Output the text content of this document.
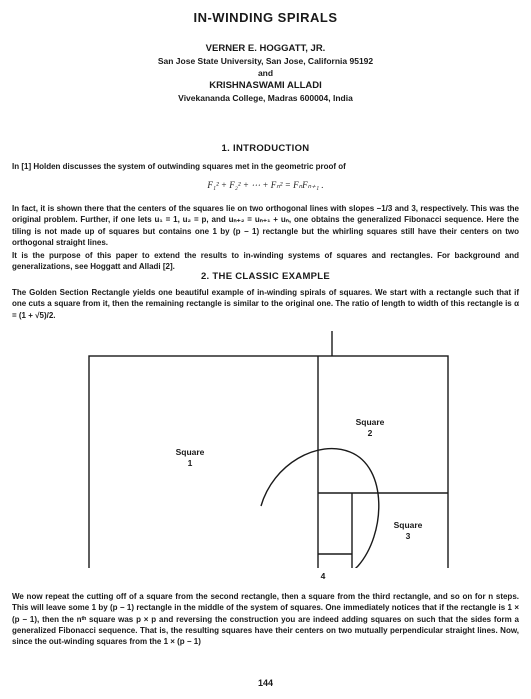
IN-WINDING SPIRALS
VERNER E. HOGGATT, JR.
San Jose State University, San Jose, California 95192
and
KRISHNASWAMI ALLADI
Vivekananda College, Madras 600004, India
1. INTRODUCTION
In [1] Holden discusses the system of outwinding squares met in the geometric proof of
F₁² + F₂² + ⋯ + Fₙ² = FₙFₙ₊₁ .
In fact, it is shown there that the centers of the squares lie on two orthogonal lines with slopes −1/3 and 3, respectively. This was the original problem. Further, if one lets u₁ = 1, u₂ = p, and uₙ₊₂ = uₙ₊₁ + uₙ, one obtains the generalized Fibonacci sequence. Here the tiling is not made up of squares but contains one 1 by (p − 1) rectangle but the whirling squares still have their centers on two orthogonal straight lines.
It is the purpose of this paper to extend the results to in-winding systems of squares and rectangles. For background and generalizations, see Hoggatt and Alladi [2].
2. THE CLASSIC EXAMPLE
The Golden Section Rectangle yields one beautiful example of in-winding spirals of squares. We start with a rectangle such that if one cuts a square from it, then the remaining rectangle is similar to the original one. The ratio of length to width of this rectangle is α = (1 + √5)/2.
Square
1
Square
2
Square
3
4
We now repeat the cutting off of a square from the second rectangle, then a square from the third rectangle, and so on for n steps. This will leave some 1 by (p − 1) rectangle in the middle of the system of squares. One immediately notices that if the rectangle is 1 × (p − 1), then the nᵗʰ square was p × p and reversing the construction you are indeed adding squares on such that the sides form a generalized Fibonacci sequence. That is, the resulting squares have their centers on two mutually perpendicular straight lines. Now, since the out-winding squares from the 1 × (p − 1)
144
